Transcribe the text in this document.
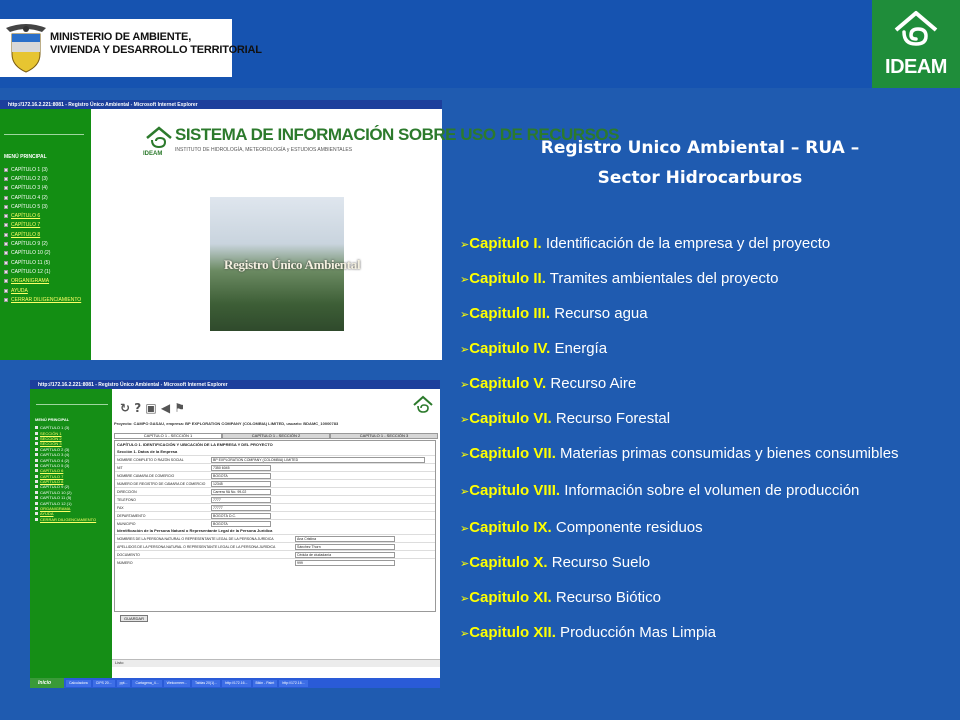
MINISTERIO DE AMBIENTE,
VIVIENDA Y DESARROLLO TERRITORIAL
IDEAM
http://172.16.2.221:8081 - Registro Único Ambiental - Microsoft Internet Explorer
MENÚ PRINCIPAL
CAPÍTULO 1 (3)
CAPÍTULO 2 (3)
CAPÍTULO 3 (4)
CAPÍTULO 4 (2)
CAPÍTULO 5 (3)
CAPÍTULO 6
CAPÍTULO 7
CAPÍTULO 8
CAPÍTULO 9 (2)
CAPÍTULO 10 (2)
CAPÍTULO 11 (5)
CAPÍTULO 12 (1)
ORGANIGRAMA
AYUDA
CERRAR DILIGENCIAMIENTO
IDEAM
SISTEMA DE INFORMACIÓN SOBRE USO DE RECURSOS
INSTITUTO DE HIDROLOGÍA, METEOROLOGÍA y ESTUDIOS AMBIENTALES
Registro Único Ambiental
http://172.16.2.221:8081 - Registro Único Ambiental - Microsoft Internet Explorer
MENÚ PRINCIPAL
CAPÍTULO 1 (3)
SECCIÓN 1
SECCIÓN 2
SECCIÓN 3
CAPÍTULO 2 (3)
CAPÍTULO 3 (4)
CAPÍTULO 4 (2)
CAPÍTULO 5 (3)
CAPÍTULO 6
CAPÍTULO 7
CAPÍTULO 8
CAPÍTULO 9 (2)
CAPÍTULO 10 (2)
CAPÍTULO 11 (5)
CAPÍTULO 12 (1)
ORGANIGRAMA
AYUDA
CERRAR DILIGENCIAMIENTO
↻ ? ▣ ◀ ⚑
Proyecto: CAMPO GASAU, empresa: BP EXPLORATION COMPANY (COLOMBIA) LIMITED, usuario: BDAMC_10000783
CAPÍTULO 1 - SECCIÓN 1	CAPÍTULO 1 - SECCIÓN 2	CAPÍTULO 1 - SECCIÓN 3
CAPÍTULO 1. IDENTIFICACIÓN Y UBICACIÓN DE LA EMPRESA Y DEL PROYECTO
Sección 1. Datos de la Empresa
NOMBRE COMPLETO O RAZÓN SOCIAL	BP EXPLORATION COMPANY (COLOMBIA) LIMITED
NIT	7350 6045
NOMBRE CÁMARA DE COMERCIO	BOGOTA
NÚMERO DE REGISTRO DE CÁMARA DE COMERCIO	12345
DIRECCIÓN	Carrera 9A No. 99-02
TELÉFONO	7777
FAX	77777
DEPARTAMENTO	BOGOTÁ D.C.
MUNICIPIO	BOGOTA
Identificación de la Persona Natural o Representante Legal de la Persona Jurídica
NOMBRES DE LA PERSONA NATURAL O REPRESENTANTE LEGAL DE LA PERSONA JURÍDICA	Ana Cristina
APELLIDOS DE LA PERSONA NATURAL O REPRESENTANTE LEGAL DE LA PERSONA JURÍDICA	Sánchez Thorn
DOCUMENTO	Cédula de ciudadanía
NÚMERO	999
GUARDAR
Listo
Inicio	Calculadora	CIPS 20...	ppt...	Cartagena_4...	Welcomeer...	Tablas 20(1)...	http://172.16...	Bikin - Paint	http://172.16...
Registro Unico Ambiental – RUA –
Sector Hidrocarburos
➢Capitulo I. Identificación de la empresa y del proyecto
➢Capitulo II. Tramites ambientales del proyecto
➢Capitulo III. Recurso agua
➢Capitulo IV. Energía
➢Capitulo V. Recurso Aire
➢Capitulo VI. Recurso Forestal
➢Capitulo VII. Materias primas consumidas y bienes consumibles
➢Capitulo VIII. Información sobre el volumen de producción
➢Capitulo IX. Componente residuos
➢Capitulo X. Recurso Suelo
➢Capitulo XI. Recurso Biótico
➢Capitulo XII. Producción Mas Limpia
